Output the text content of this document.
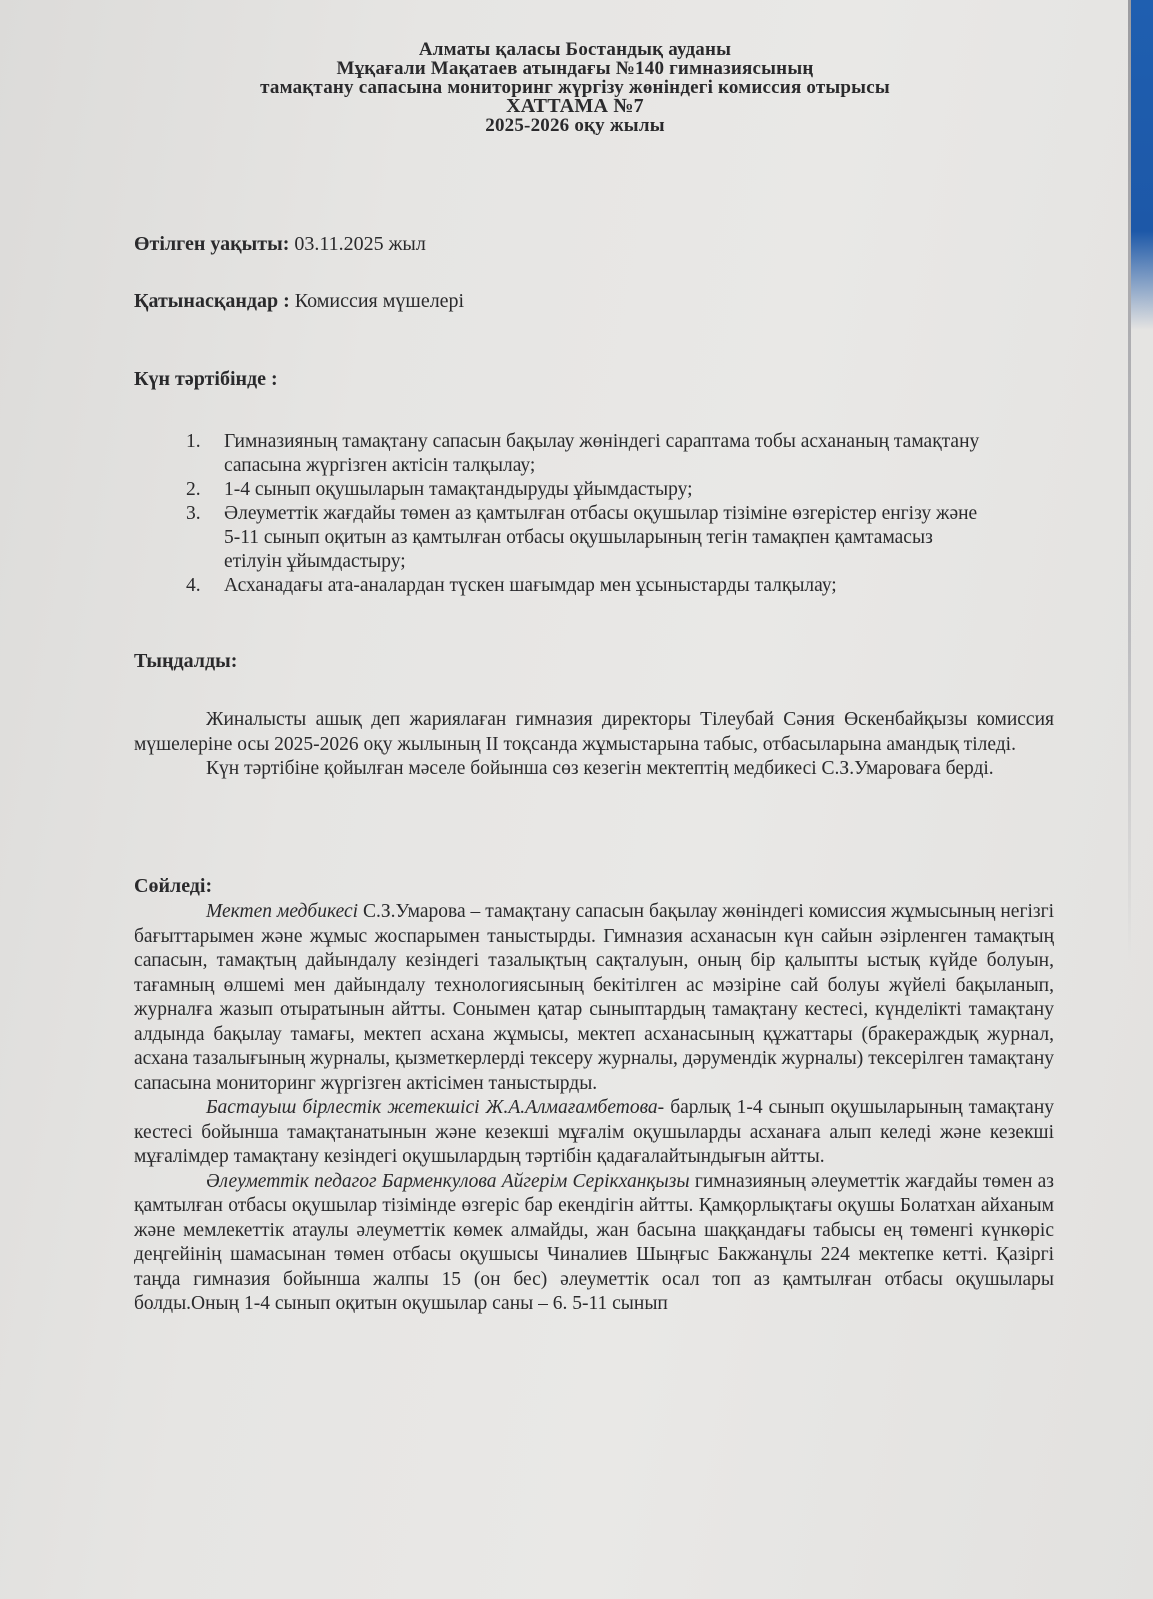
Алматы қаласы Бостандық ауданы
Мұқағали Мақатаев атындағы №140 гимназиясының
тамақтану сапасына мониторинг жүргізу жөніндегі комиссия отырысы
ХАТТАМА №7
2025-2026 оқу жылы
Өтілген уақыты: 03.11.2025 жыл
Қатынасқандар : Комиссия мүшелері
Күн тәртібінде :
1.	Гимназияның тамақтану сапасын бақылау жөніндегі сараптама тобы асхананың тамақтану сапасына жүргізген актісін талқылау;
2.	1-4 сынып оқушыларын тамақтандыруды ұйымдастыру;
3.	Әлеуметтік жағдайы төмен аз қамтылған отбасы оқушылар тізіміне өзгерістер енгізу және 5-11 сынып оқитын аз қамтылған отбасы оқушыларының тегін тамақпен қамтамасыз етілуін ұйымдастыру;
4.	Асханадағы ата-аналардан түскен шағымдар мен ұсыныстарды талқылау;
Тыңдалды:

Жиналысты ашық деп жариялаған гимназия директоры Тілеубай Сәния Өскенбайқызы комиссия мүшелеріне осы 2025-2026 оқу жылының ІІ тоқсанда жұмыстарына табыс, отбасыларына амандық тіледі.

Күн тәртібіне қойылған мәселе бойынша сөз кезегін мектептің медбикесі С.З.Умароваға берді.

Сөйледі:

Мектеп медбикесі С.З.Умарова – тамақтану сапасын бақылау жөніндегі комиссия жұмысының негізгі бағыттарымен және жұмыс жоспарымен таныстырды. Гимназия асханасын күн сайын әзірленген тамақтың сапасын, тамақтың дайындалу кезіндегі тазалықтың сақталуын, оның бір қалыпты ыстық күйде болуын, тағамның өлшемі мен дайындалу технологиясының бекітілген ас мәзіріне сай болуы жүйелі бақыланып, журналға жазып отыратынын айтты. Сонымен қатар сыныптардың тамақтану кестесі, күнделікті тамақтану алдында бақылау тамағы, мектеп асхана жұмысы, мектеп асханасының құжаттары (бракераждық журнал, асхана тазалығының журналы, қызметкерлерді тексеру журналы, дәрумендік журналы) тексерілген тамақтану сапасына мониторинг жүргізген актісімен таныстырды.

Бастауыш бірлестік жетекшісі Ж.А.Алмағамбетова- барлық 1-4 сынып оқушыларының тамақтану кестесі бойынша тамақтанатынын және кезекші мұғалім оқушыларды асханаға алып келеді және кезекші мұғалімдер тамақтану кезіндегі оқушылардың тәртібін қадағалайтындығын айтты.

Әлеуметтік педагог Барменкулова Айгерім Серікханқызы гимназияның әлеуметтік жағдайы төмен аз қамтылған отбасы оқушылар тізімінде өзгеріс бар екендігін айтты. Қамқорлықтағы оқушы Болатхан айханым және мемлекеттік атаулы әлеуметтік көмек алмайды, жан басына шаққандағы табысы ең төменгі күнкөріс деңгейінің шамасынан төмен отбасы оқушысы Чиналиев Шыңғыс Бакжанұлы 224 мектепке кетті. Қазіргі таңда гимназия бойынша жалпы 15 (он бес) әлеуметтік осал топ аз қамтылған отбасы оқушылары болды.Оның 1-4 сынып оқитын оқушылар саны – 6. 5-11 сынып
